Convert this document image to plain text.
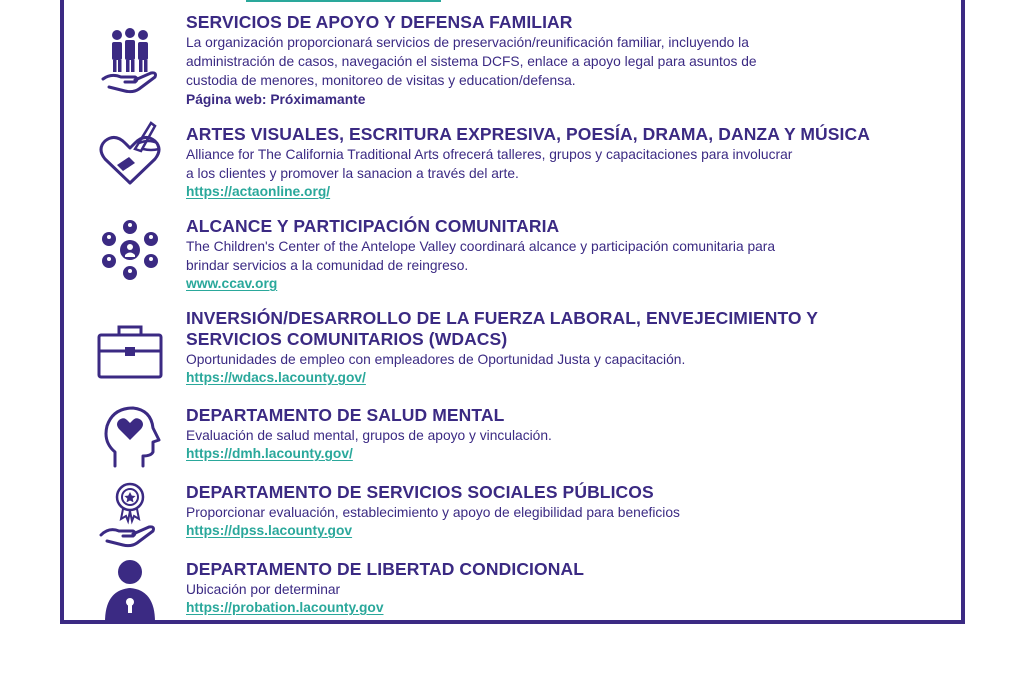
SERVICIOS DE APOYO Y DEFENSA FAMILIAR

La organización proporcionará servicios de preservación/reunificación familiar, incluyendo la

administración de casos, navegación el sistema DCFS, enlace a apoyo legal para asuntos de

custodia de menores, monitoreo de visitas y education/defensa.

Página web: Próximamante

ARTES VISUALES, ESCRITURA EXPRESIVA, POESÍA, DRAMA, DANZA Y MÚSICA

Alliance for The California Traditional Arts ofrecerá talleres, grupos y capacitaciones para involucrar

a los clientes y promover la sanacion a través del arte.

https://actaonline.org/

ALCANCE Y PARTICIPACIÓN COMUNITARIA

The Children's Center of the Antelope Valley coordinará alcance y participación comunitaria para

brindar servicios a la comunidad de reingreso.

www.ccav.org

INVERSIÓN/DESARROLLO DE LA FUERZA LABORAL, ENVEJECIMIENTO Y

SERVICIOS COMUNITARIOS (WDACS)

Oportunidades de empleo con empleadores de Oportunidad Justa y capacitación.

https://wdacs.lacounty.gov/

DEPARTAMENTO DE SALUD MENTAL

Evaluación de salud mental, grupos de apoyo y vinculación.

https://dmh.lacounty.gov/

DEPARTAMENTO DE SERVICIOS SOCIALES PÚBLICOS

Proporcionar evaluación, establecimiento y apoyo de elegibilidad para beneficios

https://dpss.lacounty.gov

DEPARTAMENTO DE LIBERTAD CONDICIONAL

Ubicación por determinar

https://probation.lacounty.gov
